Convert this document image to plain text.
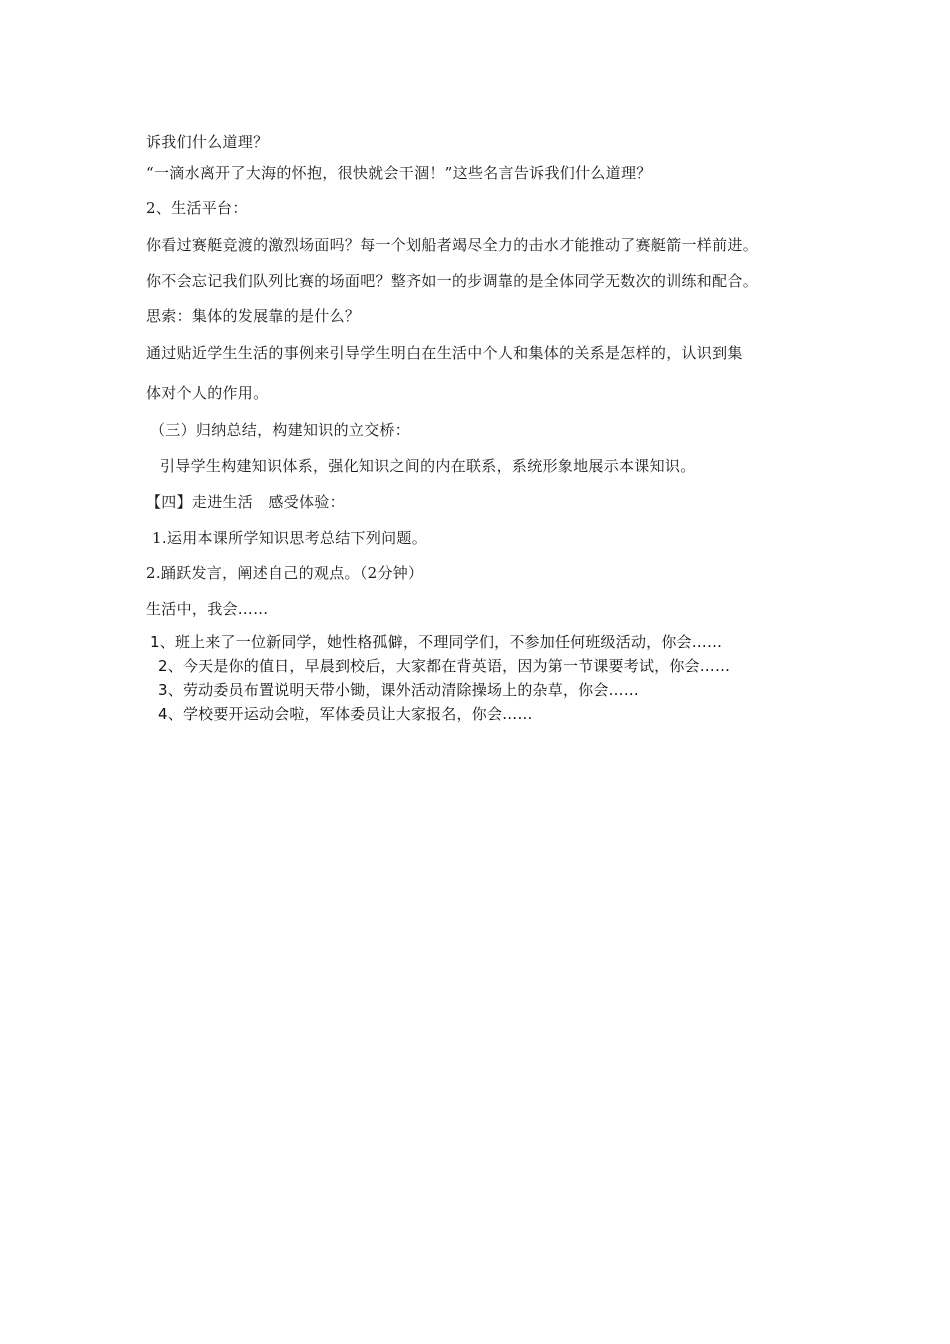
诉我们什么道理？
“一滴水离开了大海的怀抱，很快就会干涸！”这些名言告诉我们什么道理？
2、生活平台：
你看过赛艇竞渡的激烈场面吗？每一个划船者竭尽全力的击水才能推动了赛艇箭一样前进。
你不会忘记我们队列比赛的场面吧？整齐如一的步调靠的是全体同学无数次的训练和配合。
思索：集体的发展靠的是什么？
通过贴近学生生活的事例来引导学生明白在生活中个人和集体的关系是怎样的，认识到集
体对个人的作用。
（三）归纳总结，构建知识的立交桥：
引导学生构建知识体系，强化知识之间的内在联系，系统形象地展示本课知识。
【四】走进生活　感受体验：
1.运用本课所学知识思考总结下列问题。
2.踊跃发言，阐述自己的观点。（2分钟）
生活中，我会……
1、班上来了一位新同学，她性格孤僻，不理同学们，不参加任何班级活动，你会……
2、今天是你的值日，早晨到校后，大家都在背英语，因为第一节课要考试，你会……
3、劳动委员布置说明天带小锄，课外活动清除操场上的杂草，你会……
4、学校要开运动会啦，军体委员让大家报名，你会……
